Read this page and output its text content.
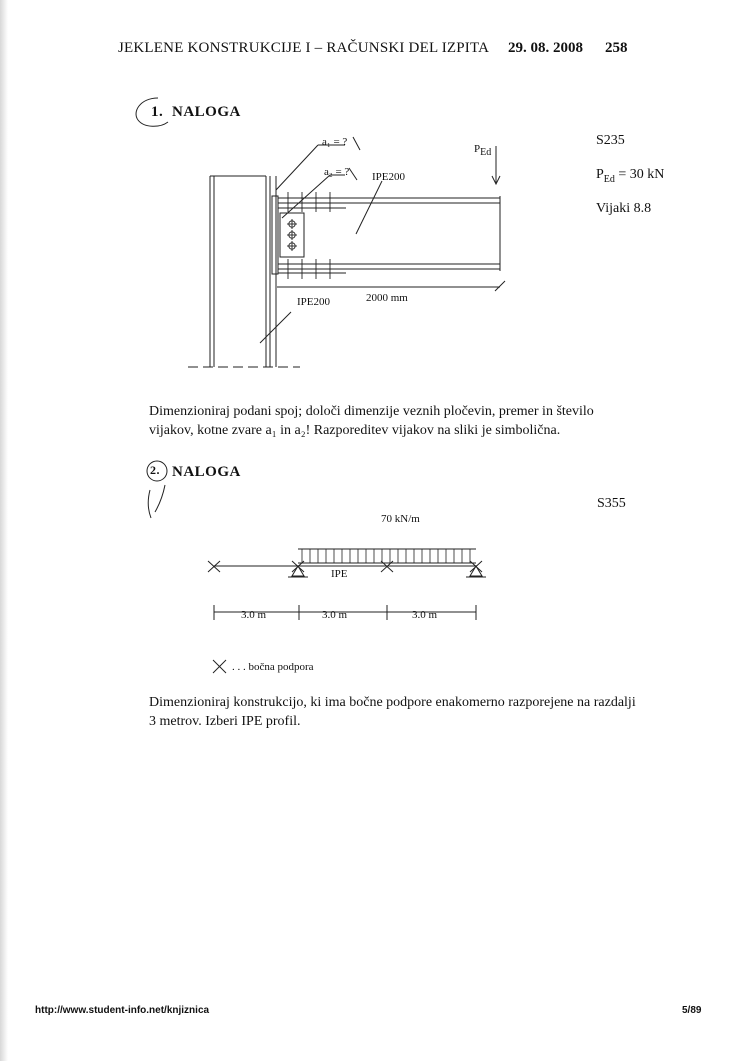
JEKLENE KONSTRUKCIJE I – RAČUNSKI DEL IZPITA 29. 08. 2008 258
1. NALOGA
a₁ = ?
a₂ = ? IPE200
$P_{Ed}$
2000 mm
IPE200
S235
$P_{Ed} = 30$ kN
Vijaki 8.8
Dimenzioniraj podani spoj; določi dimenzije veznih pločevin, premer in število
vijakov, kotne zvare a₁ in a₂! Razporeditev vijakov na sliki je simbolična.
2. NALOGA
S355
70 kN/m
IPE
3.0 m	3.0 m	3.0 m
. . . bočna podpora
Dimenzioniraj konstrukcijo, ki ima bočne podpore enakomerno razporejene na razdalji
3 metrov. Izberi IPE profil.
http://www.student-info.net/knjiznica	5/89
